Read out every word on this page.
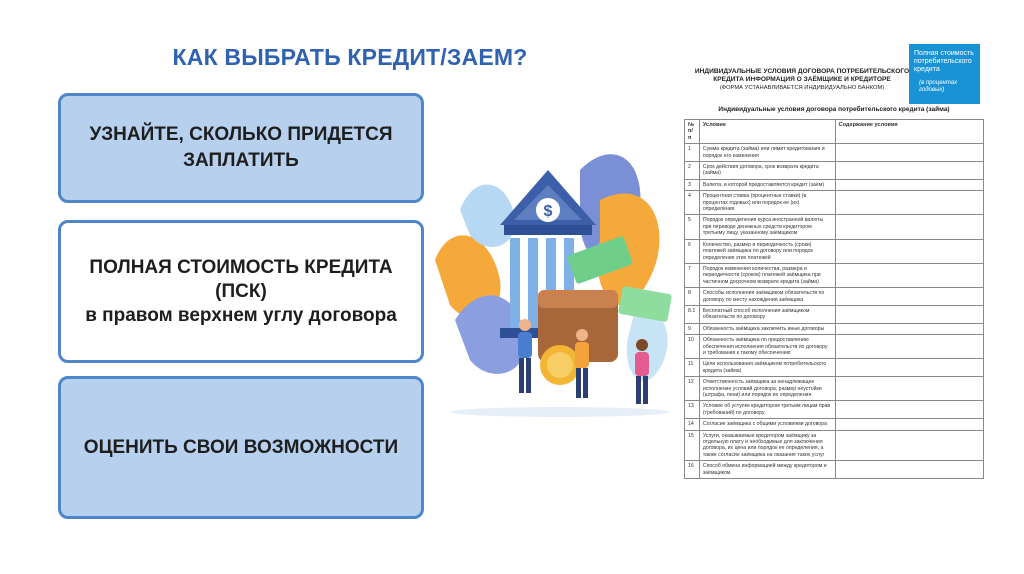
КАК ВЫБРАТЬ КРЕДИТ/ЗАЕМ?
УЗНАЙТЕ, СКОЛЬКО ПРИДЕТСЯ
ЗАПЛАТИТЬ
ПОЛНАЯ СТОИМОСТЬ КРЕДИТА
(ПСК)
в правом верхнем углу договора
ОЦЕНИТЬ СВОИ ВОЗМОЖНОСТИ
$
ИНДИВИДУАЛЬНЫЕ УСЛОВИЯ ДОГОВОРА ПОТРЕБИТЕЛЬСКОГО
КРЕДИТА ИНФОРМАЦИЯ О ЗАЁМЩИКЕ И КРЕДИТОРЕ
(ФОРМА УСТАНАВЛИВАЕТСЯ ИНДИВИДУАЛЬНО БАНКОМ)
Полная стоимость
потребительского
кредита
(в процентах
годовых)
Индивидуальные условия договора потребительского кредита (займа)
№ п/п	Условие	Содержание условия
1	Сумма кредита (займа) или лимит кредитования и порядок его изменения	
2	Срок действия договора, срок возврата кредита (займа)	
3	Валюта, в которой предоставляется кредит (заём)	
4	Процентная ставка (процентные ставки) (в процентах годовых) или порядок ее (их) определения	
5	Порядок определения курса иностранной валюты при переводе денежных средств кредитором третьему лицу, указанному заёмщиком	
6	Количество, размер и периодичность (сроки) платежей заёмщика по договору или порядок определения этих платежей	
7	Порядок изменения количества, размера и периодичности (сроков) платежей заёмщика при частичном досрочном возврате кредита (займа)	
8	Способы исполнения заёмщиком обязательств по договору по месту нахождения заёмщика	
8.1	Бесплатный способ исполнения заёмщиком обязательств по договору	
9	Обязанность заёмщика заключить иные договоры	
10	Обязанность заёмщика по предоставлению обеспечения исполнения обязательств по договору и требования к такому обеспечению	
11	Цели использования заёмщиком потребительского кредита (займа)	
12	Ответственность заёмщика за ненадлежащее исполнение условий договора, размер неустойки (штрафа, пени) или порядок их определения	
13	Условие об уступке кредитором третьим лицам прав (требований) по договору	
14	Согласие заёмщика с общими условиями договора	
15	Услуги, оказываемые кредитором заёмщику за отдельную плату и необходимые для заключения договора, их цена или порядок ее определения, а также согласие заёмщика на оказание таких услуг	
16	Способ обмена информацией между кредитором и заёмщиком	
